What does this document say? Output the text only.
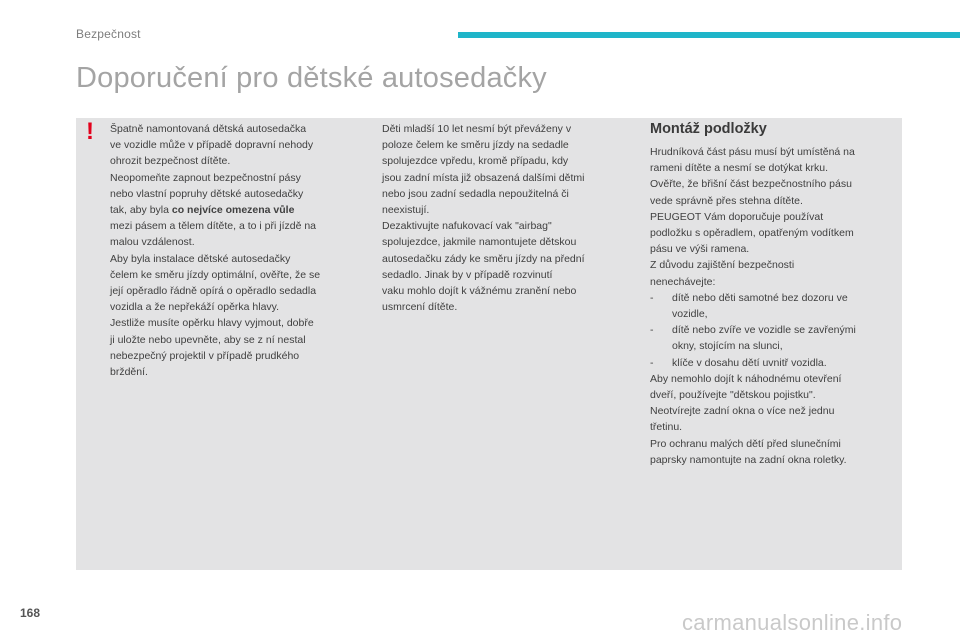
Bezpečnost
Doporučení pro dětské autosedačky
! Špatně namontovaná dětská autosedačka

ve vozidle může v případě dopravní nehody

ohrozit bezpečnost dítěte.

Neopomeňte zapnout bezpečnostní pásy

nebo vlastní popruhy dětské autosedačky

tak, aby byla co nejvíce omezena vůle

mezi pásem a tělem dítěte, a to i při jízdě na

malou vzdálenost.

Aby byla instalace dětské autosedačky

čelem ke směru jízdy optimální, ověřte, že se

její opěradlo řádně opírá o opěradlo sedadla

vozidla a že nepřekáží opěrka hlavy.

Jestliže musíte opěrku hlavy vyjmout, dobře

ji uložte nebo upevněte, aby se z ní nestal

nebezpečný projektil v případě prudkého

brždění.

Děti mladší 10 let nesmí být převáženy v

poloze čelem ke směru jízdy na sedadle

spolujezdce vpředu, kromě případu, kdy

jsou zadní místa již obsazená dalšími dětmi

nebo jsou zadní sedadla nepoužitelná či

neexistují.

Dezaktivujte nafukovací vak "airbag"

spolujezdce, jakmile namontujete dětskou

autosedačku zády ke směru jízdy na přední

sedadlo. Jinak by v případě rozvinutí

vaku mohlo dojít k vážnému zranění nebo

usmrcení dítěte.

Montáž podložky

Hrudníková část pásu musí být umístěná na

rameni dítěte a nesmí se dotýkat krku.

Ověřte, že břišní část bezpečnostního pásu

vede správně přes stehna dítěte.

PEUGEOT Vám doporučuje používat

podložku s opěradlem, opatřeným vodítkem

pásu ve výši ramena.

Z důvodu zajištění bezpečnosti

nenechávejte:

-	dítě nebo děti samotné bez dozoru ve

vozidle,

-	dítě nebo zvíře ve vozidle se zavřenými

okny, stojícím na slunci,

-	klíče v dosahu dětí uvnitř vozidla.

Aby nemohlo dojít k náhodnému otevření

dveří, používejte "dětskou pojistku".

Neotvírejte zadní okna o více než jednu

třetinu.

Pro ochranu malých dětí před slunečními

paprsky namontujte na zadní okna roletky.

168	carmanualsonline.info
